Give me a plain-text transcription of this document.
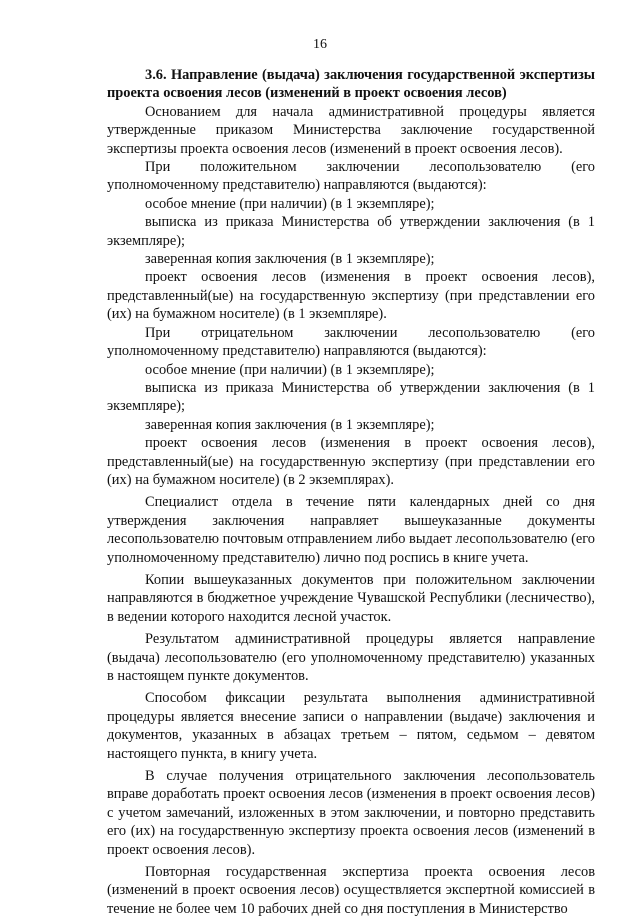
16

3.6. Направление (выдача) заключения государственной экспертизы проекта освоения лесов (изменений в проект освоения лесов)

Основанием для начала административной процедуры является утвержденные приказом Министерства заключение государственной экспертизы проекта освоения лесов (изменений в проект освоения лесов).

При положительном заключении лесопользователю (его уполномоченному представителю) направляются (выдаются):

особое мнение (при наличии) (в 1 экземпляре);

выписка из приказа Министерства об утверждении заключения (в 1 экземпляре);

заверенная копия заключения (в 1 экземпляре);

проект освоения лесов (изменения в проект освоения лесов), представленный(ые) на государственную экспертизу (при представлении его (их) на бумажном носителе) (в 1 экземпляре).

При отрицательном заключении лесопользователю (его уполномоченному представителю) направляются (выдаются):

особое мнение (при наличии) (в 1 экземпляре);

выписка из приказа Министерства об утверждении заключения (в 1 экземпляре);

заверенная копия заключения (в 1 экземпляре);

проект освоения лесов (изменения в проект освоения лесов), представленный(ые) на государственную экспертизу (при представлении его (их) на бумажном носителе) (в 2 экземплярах).

Специалист отдела в течение пяти календарных дней со дня утверждения заключения направляет вышеуказанные документы лесопользователю почтовым отправлением либо выдает лесопользователю (его уполномоченному представителю) лично под роспись в книге учета.

Копии вышеуказанных документов при положительном заключении направляются в бюджетное учреждение Чувашской Республики (лесничество), в ведении которого находится лесной участок.

Результатом административной процедуры является направление (выдача) лесопользователю (его уполномоченному представителю) указанных в настоящем пункте документов.

Способом фиксации результата выполнения административной процедуры является внесение записи о направлении (выдаче) заключения и документов, указанных в абзацах третьем – пятом, седьмом – девятом настоящего пункта, в книгу учета.

В случае получения отрицательного заключения лесопользователь вправе доработать проект освоения лесов (изменения в проект освоения лесов) с учетом замечаний, изложенных в этом заключении, и повторно представить его (их) на государственную экспертизу проекта освоения лесов (изменений в проект освоения лесов).

Повторная государственная экспертиза проекта освоения лесов (изменений в проект освоения лесов) осуществляется экспертной комиссией в течение не более чем 10 рабочих дней со дня поступления в Министерство
